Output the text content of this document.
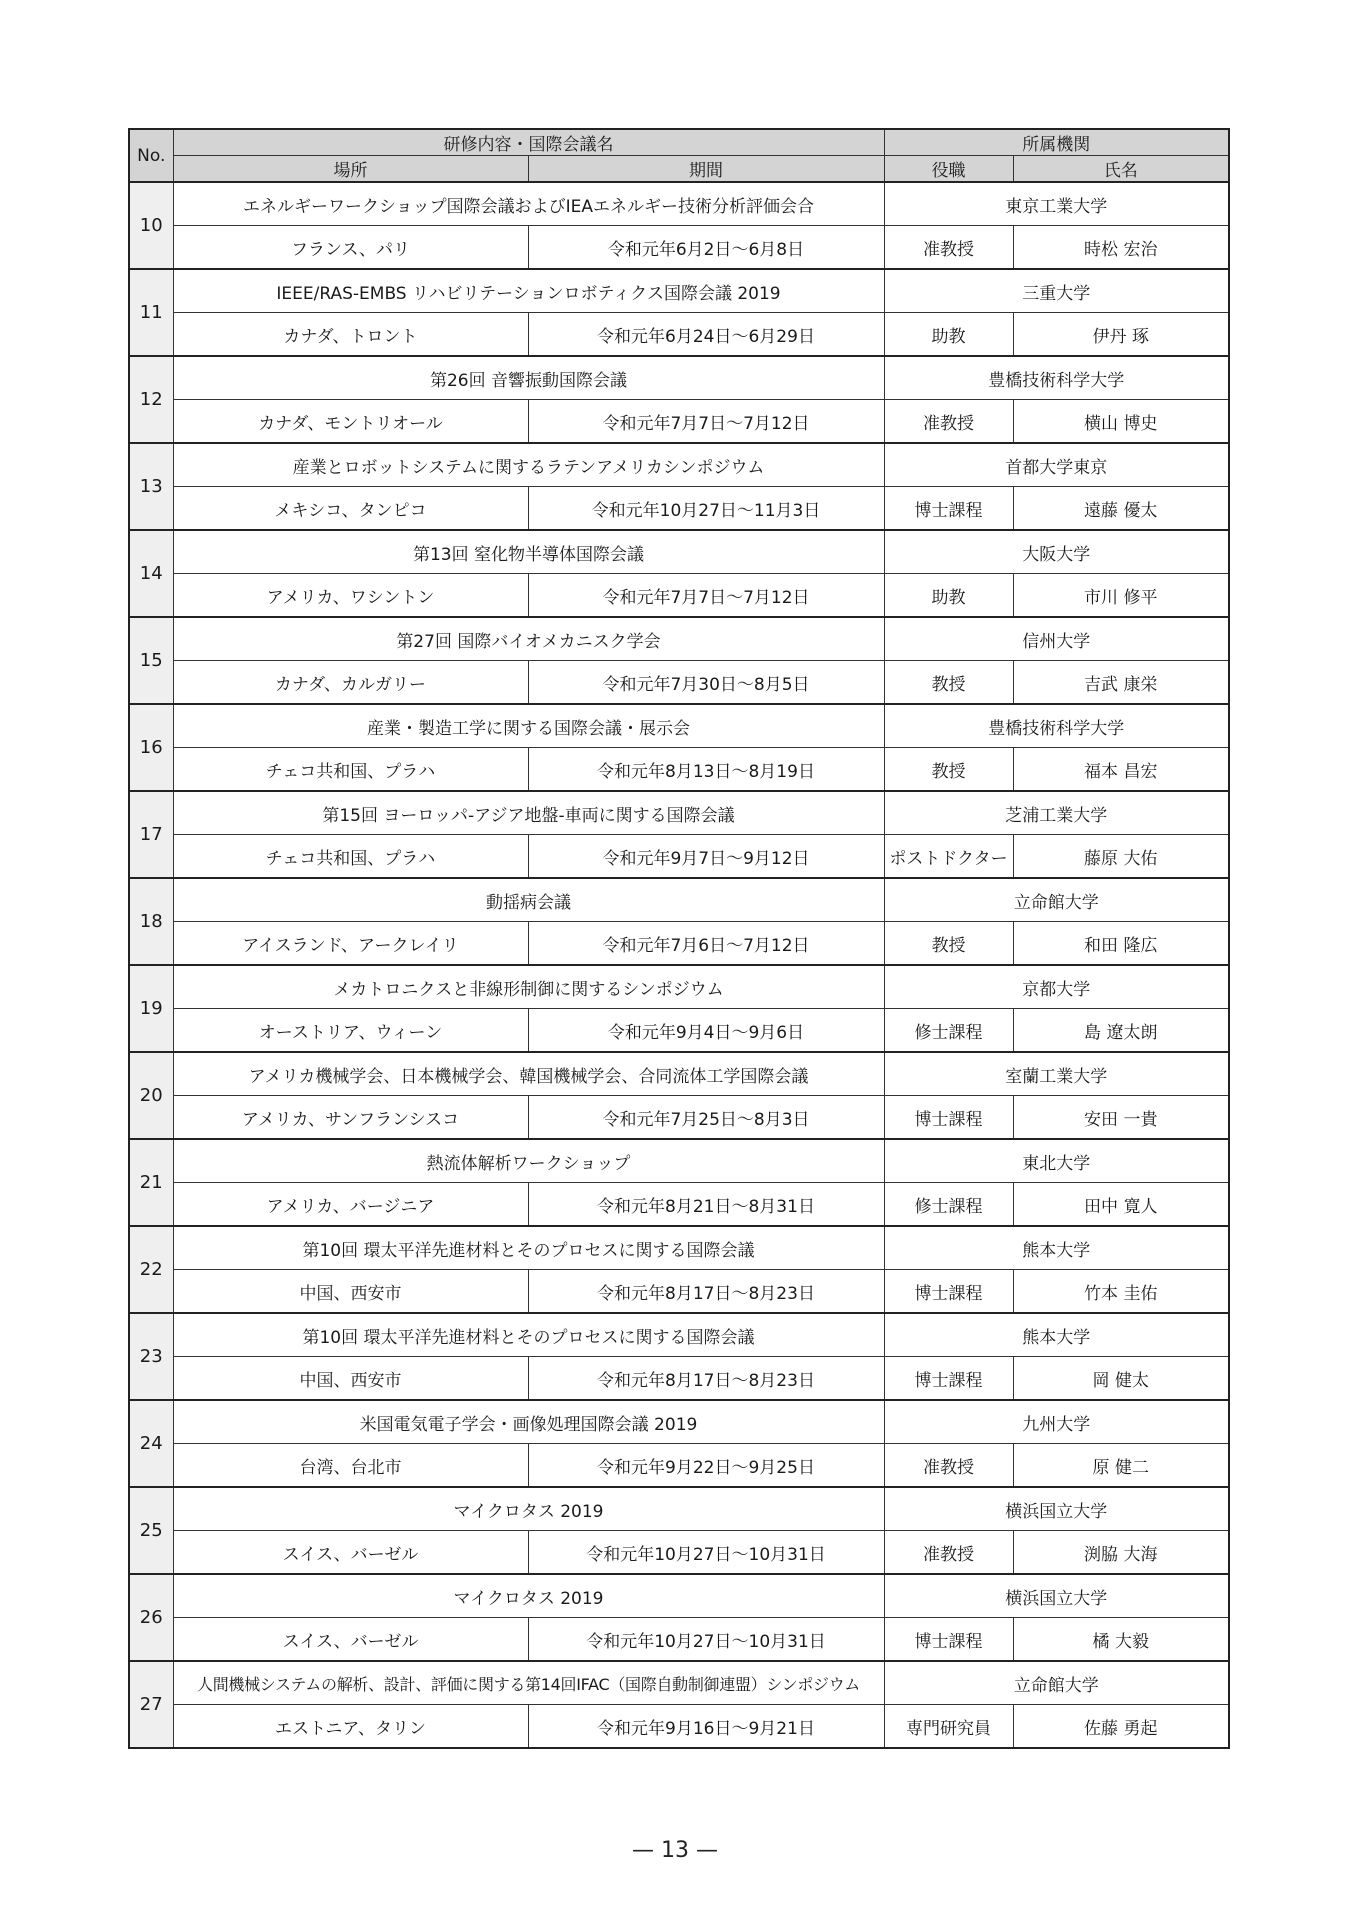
No.	研修内容・国際会議名		所属機関	
	場所	期間	役職	氏名
10	エネルギーワークショップ国際会議およびIEAエネルギー技術分析評価会合		東京工業大学	
	フランス、パリ	令和元年6月2日～6月8日	准教授	時松 宏治
11	IEEE/RAS-EMBS リハビリテーションロボティクス国際会議 2019		三重大学	
	カナダ、トロント	令和元年6月24日～6月29日	助教	伊丹 琢
12	第26回 音響振動国際会議		豊橋技術科学大学	
	カナダ、モントリオール	令和元年7月7日～7月12日	准教授	横山 博史
13	産業とロボットシステムに関するラテンアメリカシンポジウム		首都大学東京	
	メキシコ、タンピコ	令和元年10月27日～11月3日	博士課程	遠藤 優太
14	第13回 窒化物半導体国際会議		大阪大学	
	アメリカ、ワシントン	令和元年7月7日～7月12日	助教	市川 修平
15	第27回 国際バイオメカニスク学会		信州大学	
	カナダ、カルガリー	令和元年7月30日～8月5日	教授	吉武 康栄
16	産業・製造工学に関する国際会議・展示会		豊橋技術科学大学	
	チェコ共和国、プラハ	令和元年8月13日～8月19日	教授	福本 昌宏
17	第15回 ヨーロッパ-アジア地盤-車両に関する国際会議		芝浦工業大学	
	チェコ共和国、プラハ	令和元年9月7日～9月12日	ポストドクター	藤原 大佑
18	動揺病会議		立命館大学	
	アイスランド、アークレイリ	令和元年7月6日～7月12日	教授	和田 隆広
19	メカトロニクスと非線形制御に関するシンポジウム		京都大学	
	オーストリア、ウィーン	令和元年9月4日～9月6日	修士課程	島 遼太朗
20	アメリカ機械学会、日本機械学会、韓国機械学会、合同流体工学国際会議		室蘭工業大学	
	アメリカ、サンフランシスコ	令和元年7月25日～8月3日	博士課程	安田 一貴
21	熱流体解析ワークショップ		東北大学	
	アメリカ、バージニア	令和元年8月21日～8月31日	修士課程	田中 寛人
22	第10回 環太平洋先進材料とそのプロセスに関する国際会議		熊本大学	
	中国、西安市	令和元年8月17日～8月23日	博士課程	竹本 圭佑
23	第10回 環太平洋先進材料とそのプロセスに関する国際会議		熊本大学	
	中国、西安市	令和元年8月17日～8月23日	博士課程	岡 健太
24	米国電気電子学会・画像処理国際会議 2019		九州大学	
	台湾、台北市	令和元年9月22日～9月25日	准教授	原 健二
25	マイクロタス 2019		横浜国立大学	
	スイス、バーゼル	令和元年10月27日～10月31日	准教授	渕脇 大海
26	マイクロタス 2019		横浜国立大学	
	スイス、バーゼル	令和元年10月27日～10月31日	博士課程	橘 大毅
27	人間機械システムの解析、設計、評価に関する第14回IFAC（国際自動制御連盟）シンポジウム		立命館大学	
	エストニア、タリン	令和元年9月16日～9月21日	専門研究員	佐藤 勇起
— 13 —
